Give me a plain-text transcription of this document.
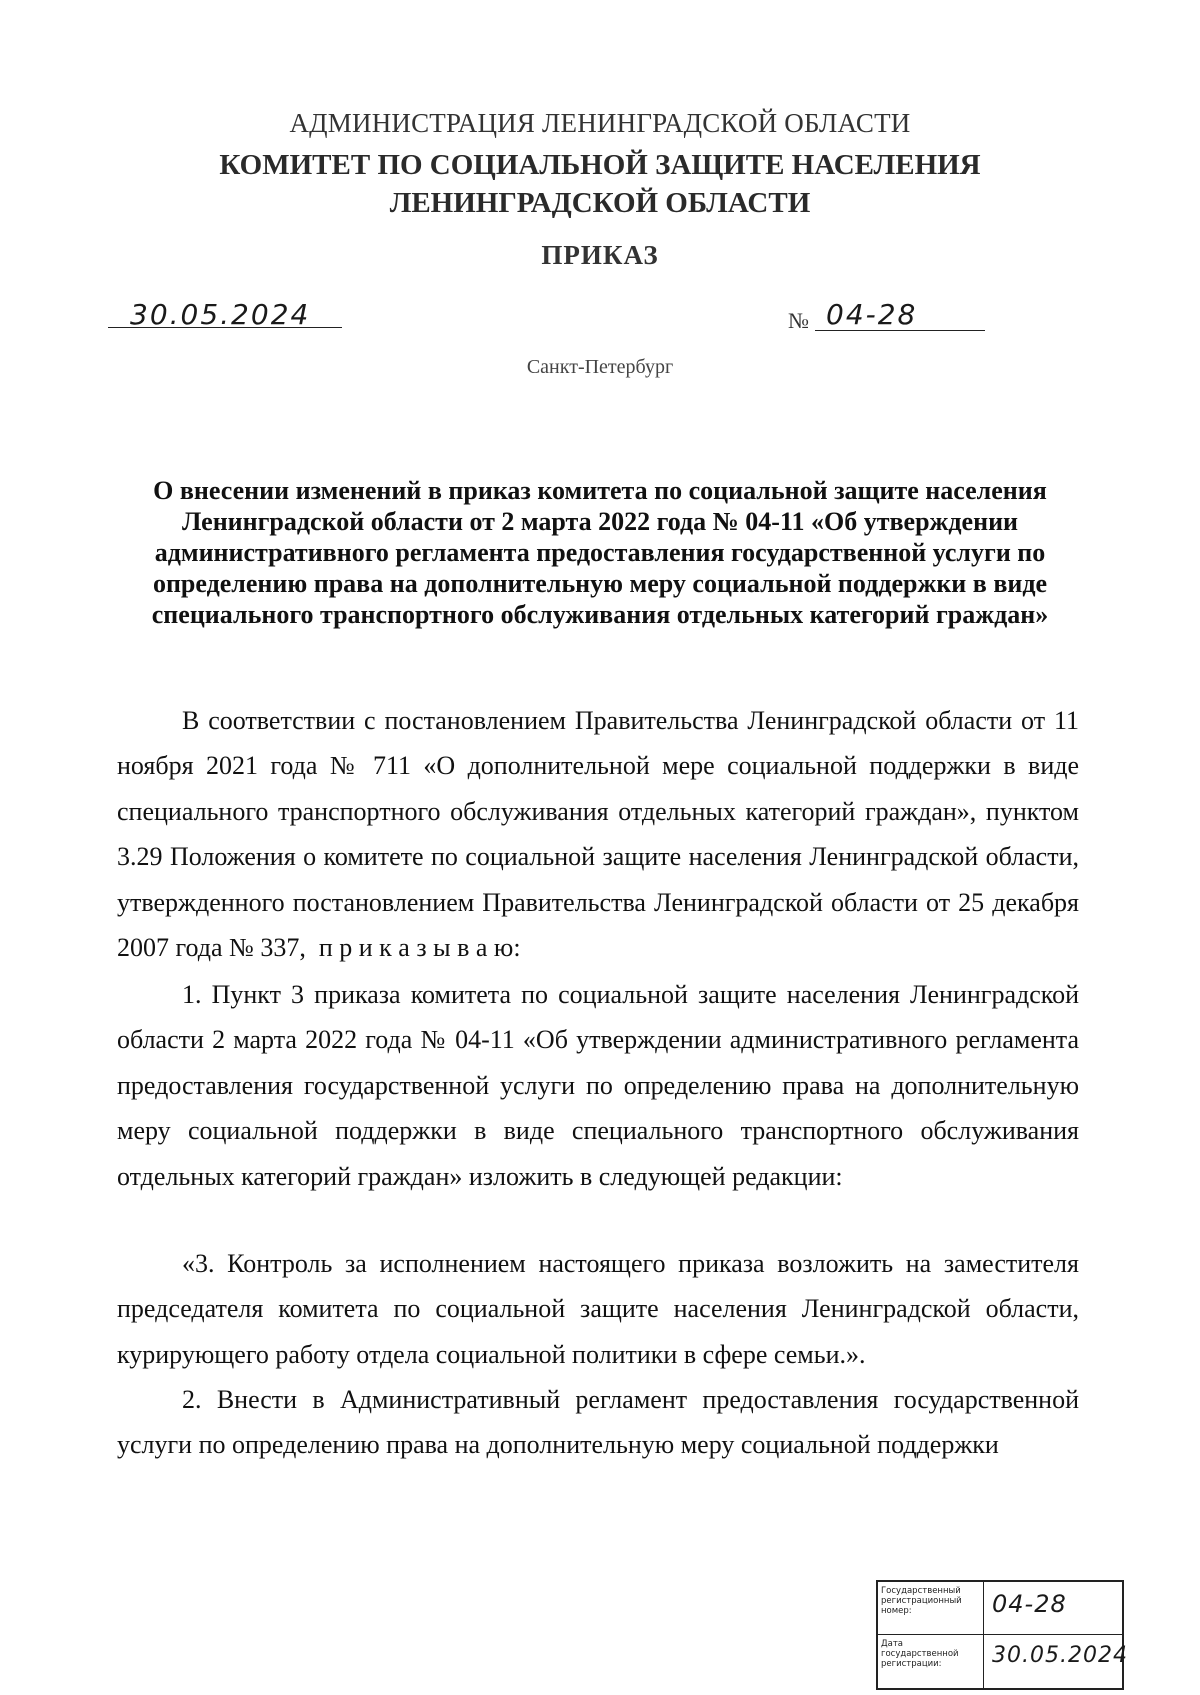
АДМИНИСТРАЦИЯ ЛЕНИНГРАДСКОЙ ОБЛАСТИ
КОМИТЕТ ПО СОЦИАЛЬНОЙ ЗАЩИТЕ НАСЕЛЕНИЯ
ЛЕНИНГРАДСКОЙ ОБЛАСТИ
ПРИКАЗ
30.05.2024	№ 04-28
Санкт-Петербург
О внесении изменений в приказ комитета по социальной защите населения Ленинградской области от 2 марта 2022 года № 04-11 «Об утверждении административного регламента предоставления государственной услуги по определению права на дополнительную меру социальной поддержки в виде специального транспортного обслуживания отдельных категорий граждан»
В соответствии с постановлением Правительства Ленинградской области от 11 ноября 2021 года № 711 «О дополнительной мере социальной поддержки в виде специального транспортного обслуживания отдельных категорий граждан», пунктом 3.29 Положения о комитете по социальной защите населения Ленинградской области, утвержденного постановлением Правительства Ленинградской области от 25 декабря 2007 года № 337, п р и к а з ы в а ю:
1. Пункт 3 приказа комитета по социальной защите населения Ленинградской области 2 марта 2022 года № 04-11 «Об утверждении административного регламента предоставления государственной услуги по определению права на дополнительную меру социальной поддержки в виде специального транспортного обслуживания отдельных категорий граждан» изложить в следующей редакции:
«3. Контроль за исполнением настоящего приказа возложить на заместителя председателя комитета по социальной защите населения Ленинградской области, курирующего работу отдела социальной политики в сфере семьи.».
2. Внести в Административный регламент предоставления государственной услуги по определению права на дополнительную меру социальной поддержки
Государственный регистрационный номер:	04-28
Дата государственной регистрации:	30.05.2024
